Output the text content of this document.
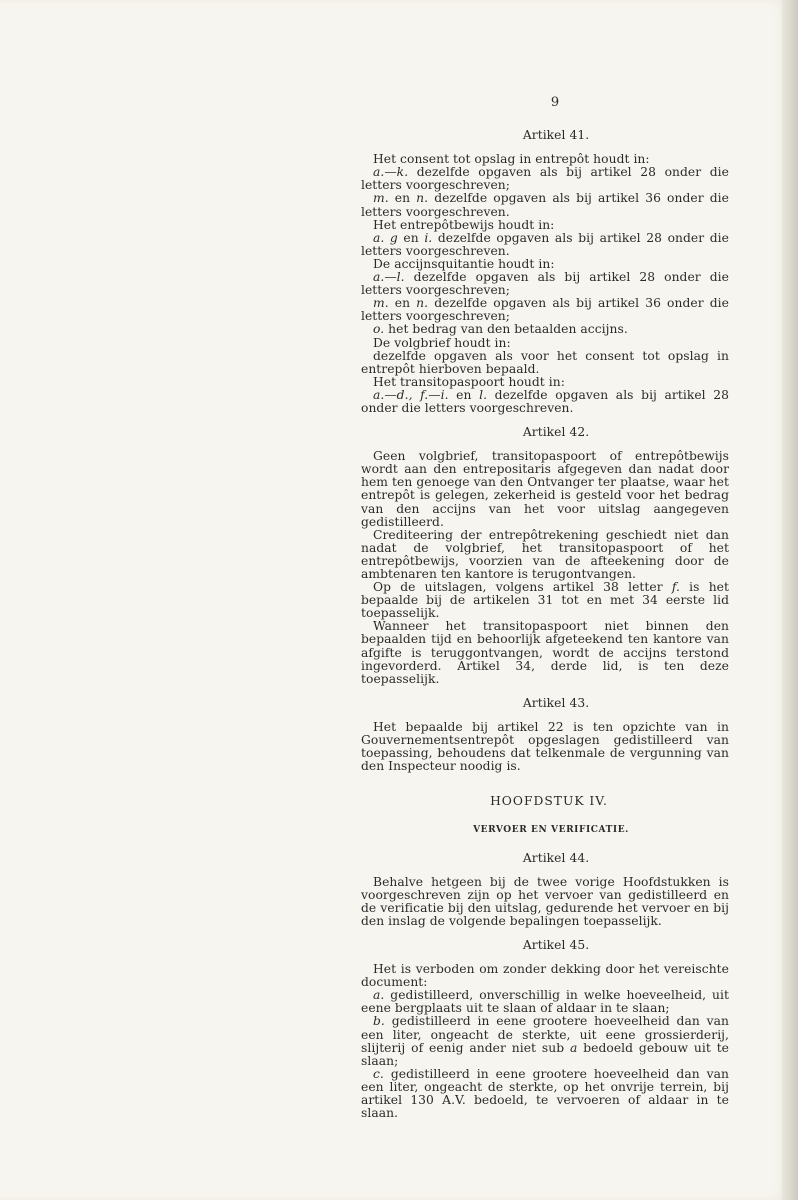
9
Artikel 41.

Het consent tot opslag in entrepôt houdt in:

a.—k. dezelfde opgaven als bij artikel 28 onder die letters voorgeschreven;

m. en n. dezelfde opgaven als bij artikel 36 onder die letters voorgeschreven.

Het entrepôtbewijs houdt in:

a. g en i. dezelfde opgaven als bij artikel 28 onder die letters voorgeschreven.

De accijnsquitantie houdt in:

a.—l. dezelfde opgaven als bij artikel 28 onder die letters voorgeschreven;

m. en n. dezelfde opgaven als bij artikel 36 onder die letters voorgeschreven;

o. het bedrag van den betaalden accijns.

De volgbrief houdt in:

dezelfde opgaven als voor het consent tot opslag in entrepôt hierboven bepaald.

Het transitopaspoort houdt in:

a.—d., f.—i. en l. dezelfde opgaven als bij artikel 28 onder die letters voorgeschreven.

Artikel 42.

Geen volgbrief, transitopaspoort of entrepôtbewijs wordt aan den entrepositaris afgegeven dan nadat door hem ten genoege van den Ontvanger ter plaatse, waar het entrepôt is gelegen, zekerheid is gesteld voor het bedrag van den accijns van het voor uitslag aangegeven gedistilleerd.

Crediteering der entrepôtrekening geschiedt niet dan nadat de volgbrief, het transitopaspoort of het entrepôtbewijs, voorzien van de afteekening door de ambtenaren ten kantore is terugontvangen.

Op de uitslagen, volgens artikel 38 letter f. is het bepaalde bij de artikelen 31 tot en met 34 eerste lid toepasselijk.

Wanneer het transitopaspoort niet binnen den bepaalden tijd en behoorlijk afgeteekend ten kantore van afgifte is teruggontvangen, wordt de accijns terstond ingevorderd. Artikel 34, derde lid, is ten deze toepasselijk.

Artikel 43.

Het bepaalde bij artikel 22 is ten opzichte van in Gouvernementsentrepôt opgeslagen gedistilleerd van toepassing, behoudens dat telkenmale de vergunning van den Inspecteur noodig is.

HOOFDSTUK IV.
VERVOER EN VERIFICATIE.
Artikel 44.

Behalve hetgeen bij de twee vorige Hoofdstukken is voorgeschreven zijn op het vervoer van gedistilleerd en de verificatie bij den uitslag, gedurende het vervoer en bij den inslag de volgende bepalingen toepasselijk.

Artikel 45.

Het is verboden om zonder dekking door het vereischte document:

a. gedistilleerd, onverschillig in welke hoeveelheid, uit eene bergplaats uit te slaan of aldaar in te slaan;

b. gedistilleerd in eene grootere hoeveelheid dan van een liter, ongeacht de sterkte, uit eene grossierderij, slijterij of eenig ander niet sub a bedoeld gebouw uit te slaan;

c. gedistilleerd in eene grootere hoeveelheid dan van een liter, ongeacht de sterkte, op het onvrije terrein, bij artikel 130 A.V. bedoeld, te vervoeren of aldaar in te slaan.
